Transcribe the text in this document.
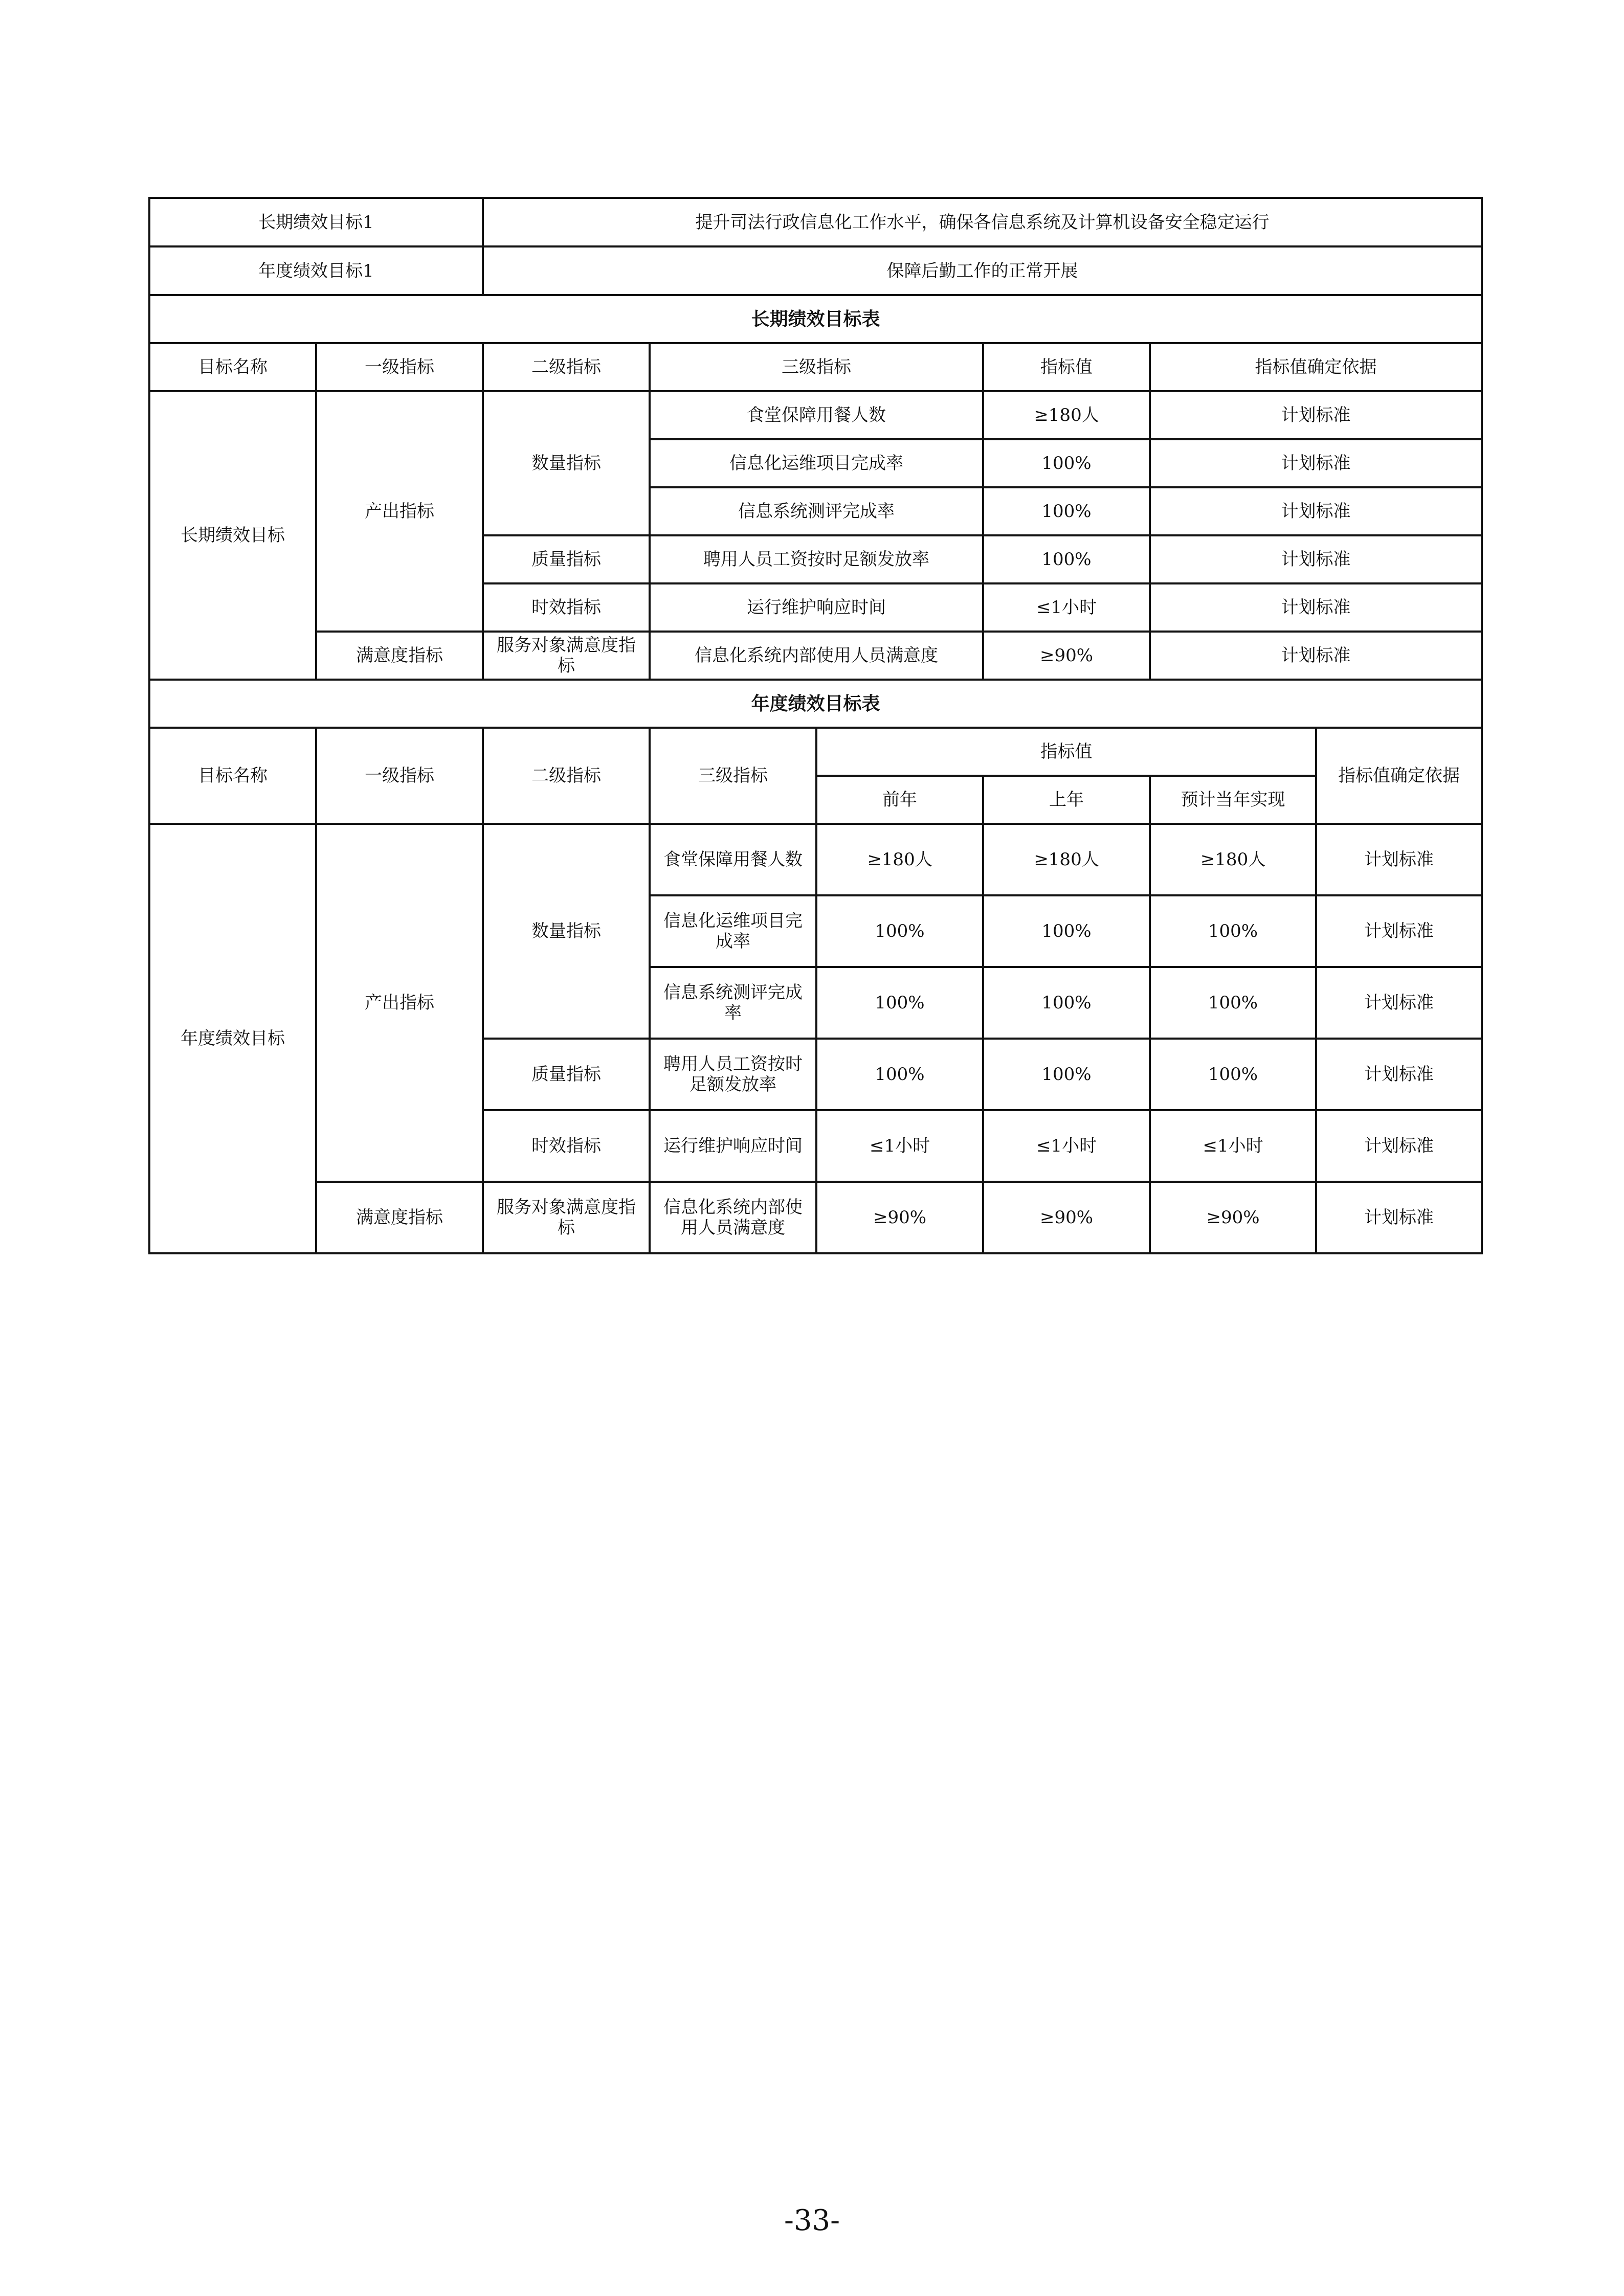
长期绩效目标1		提升司法行政信息化工作水平，确保各信息系统及计算机设备安全稳定运行					
年度绩效目标1		保障后勤工作的正常开展					
长期绩效目标表							
目标名称	一级指标	二级指标	三级指标		指标值	指标值确定依据	
长期绩效目标	产出指标	数量指标	食堂保障用餐人数		≥180人	计划标准	
			信息化运维项目完成率		100%	计划标准	
			信息系统测评完成率		100%	计划标准	
		质量指标	聘用人员工资按时足额发放率		100%	计划标准	
		时效指标	运行维护响应时间		≤1小时	计划标准	
	满意度指标	服务对象满意度指标	信息化系统内部使用人员满意度		≥90%	计划标准	
年度绩效目标表							
目标名称	一级指标	二级指标	三级指标	指标值			指标值确定依据
				前年	上年	预计当年实现	
年度绩效目标	产出指标	数量指标	食堂保障用餐人数	≥180人	≥180人	≥180人	计划标准
			信息化运维项目完成率	100%	100%	100%	计划标准
			信息系统测评完成率	100%	100%	100%	计划标准
		质量指标	聘用人员工资按时足额发放率	100%	100%	100%	计划标准
		时效指标	运行维护响应时间	≤1小时	≤1小时	≤1小时	计划标准
	满意度指标	服务对象满意度指标	信息化系统内部使用人员满意度	≥90%	≥90%	≥90%	计划标准
-33-
